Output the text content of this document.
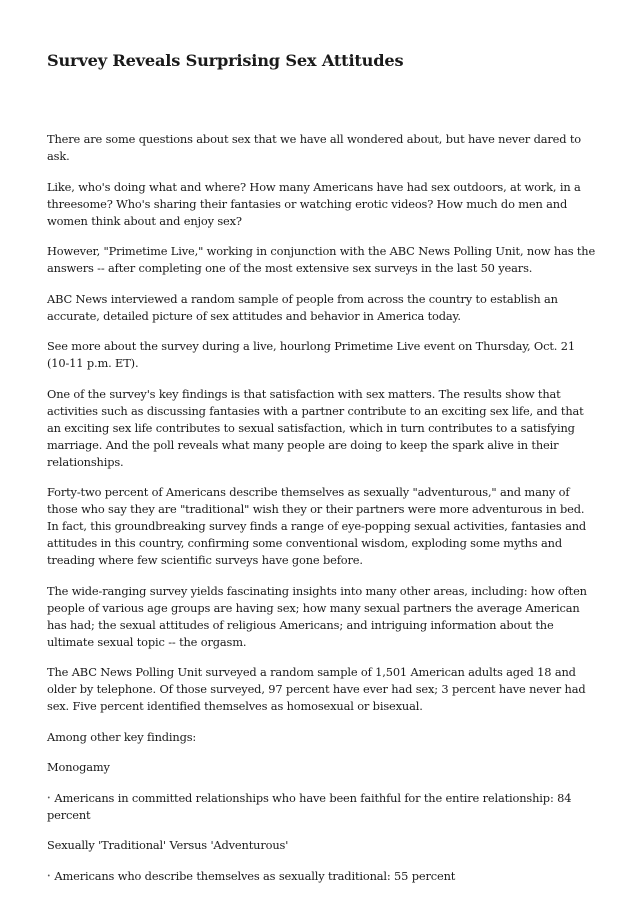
Survey Reveals Surprising Sex Attitudes

There are some questions about sex that we have all wondered about, but have never dared to ask.

Like, who's doing what and where? How many Americans have had sex outdoors, at work, in a threesome? Who's sharing their fantasies or watching erotic videos? How much do men and women think about and enjoy sex?

However, "Primetime Live," working in conjunction with the ABC News Polling Unit, now has the answers -- after completing one of the most extensive sex surveys in the last 50 years.

ABC News interviewed a random sample of people from across the country to establish an accurate, detailed picture of sex attitudes and behavior in America today.

See more about the survey during a live, hourlong Primetime Live event on Thursday, Oct. 21 (10-11 p.m. ET).

One of the survey's key findings is that satisfaction with sex matters. The results show that activities such as discussing fantasies with a partner contribute to an exciting sex life, and that an exciting sex life contributes to sexual satisfaction, which in turn contributes to a satisfying marriage. And the poll reveals what many people are doing to keep the spark alive in their relationships.

Forty-two percent of Americans describe themselves as sexually "adventurous," and many of those who say they are "traditional" wish they or their partners were more adventurous in bed. In fact, this groundbreaking survey finds a range of eye-popping sexual activities, fantasies and attitudes in this country, confirming some conventional wisdom, exploding some myths and treading where few scientific surveys have gone before.

The wide-ranging survey yields fascinating insights into many other areas, including: how often people of various age groups are having sex; how many sexual partners the average American has had; the sexual attitudes of religious Americans; and intriguing information about the ultimate sexual topic -- the orgasm.

The ABC News Polling Unit surveyed a random sample of 1,501 American adults aged 18 and older by telephone. Of those surveyed, 97 percent have ever had sex; 3 percent have never had sex. Five percent identified themselves as homosexual or bisexual.

Among other key findings:

Monogamy

• Americans in committed relationships who have been faithful for the entire relationship: 84 percent

Sexually 'Traditional' Versus 'Adventurous'

• Americans who describe themselves as sexually traditional: 55 percent
